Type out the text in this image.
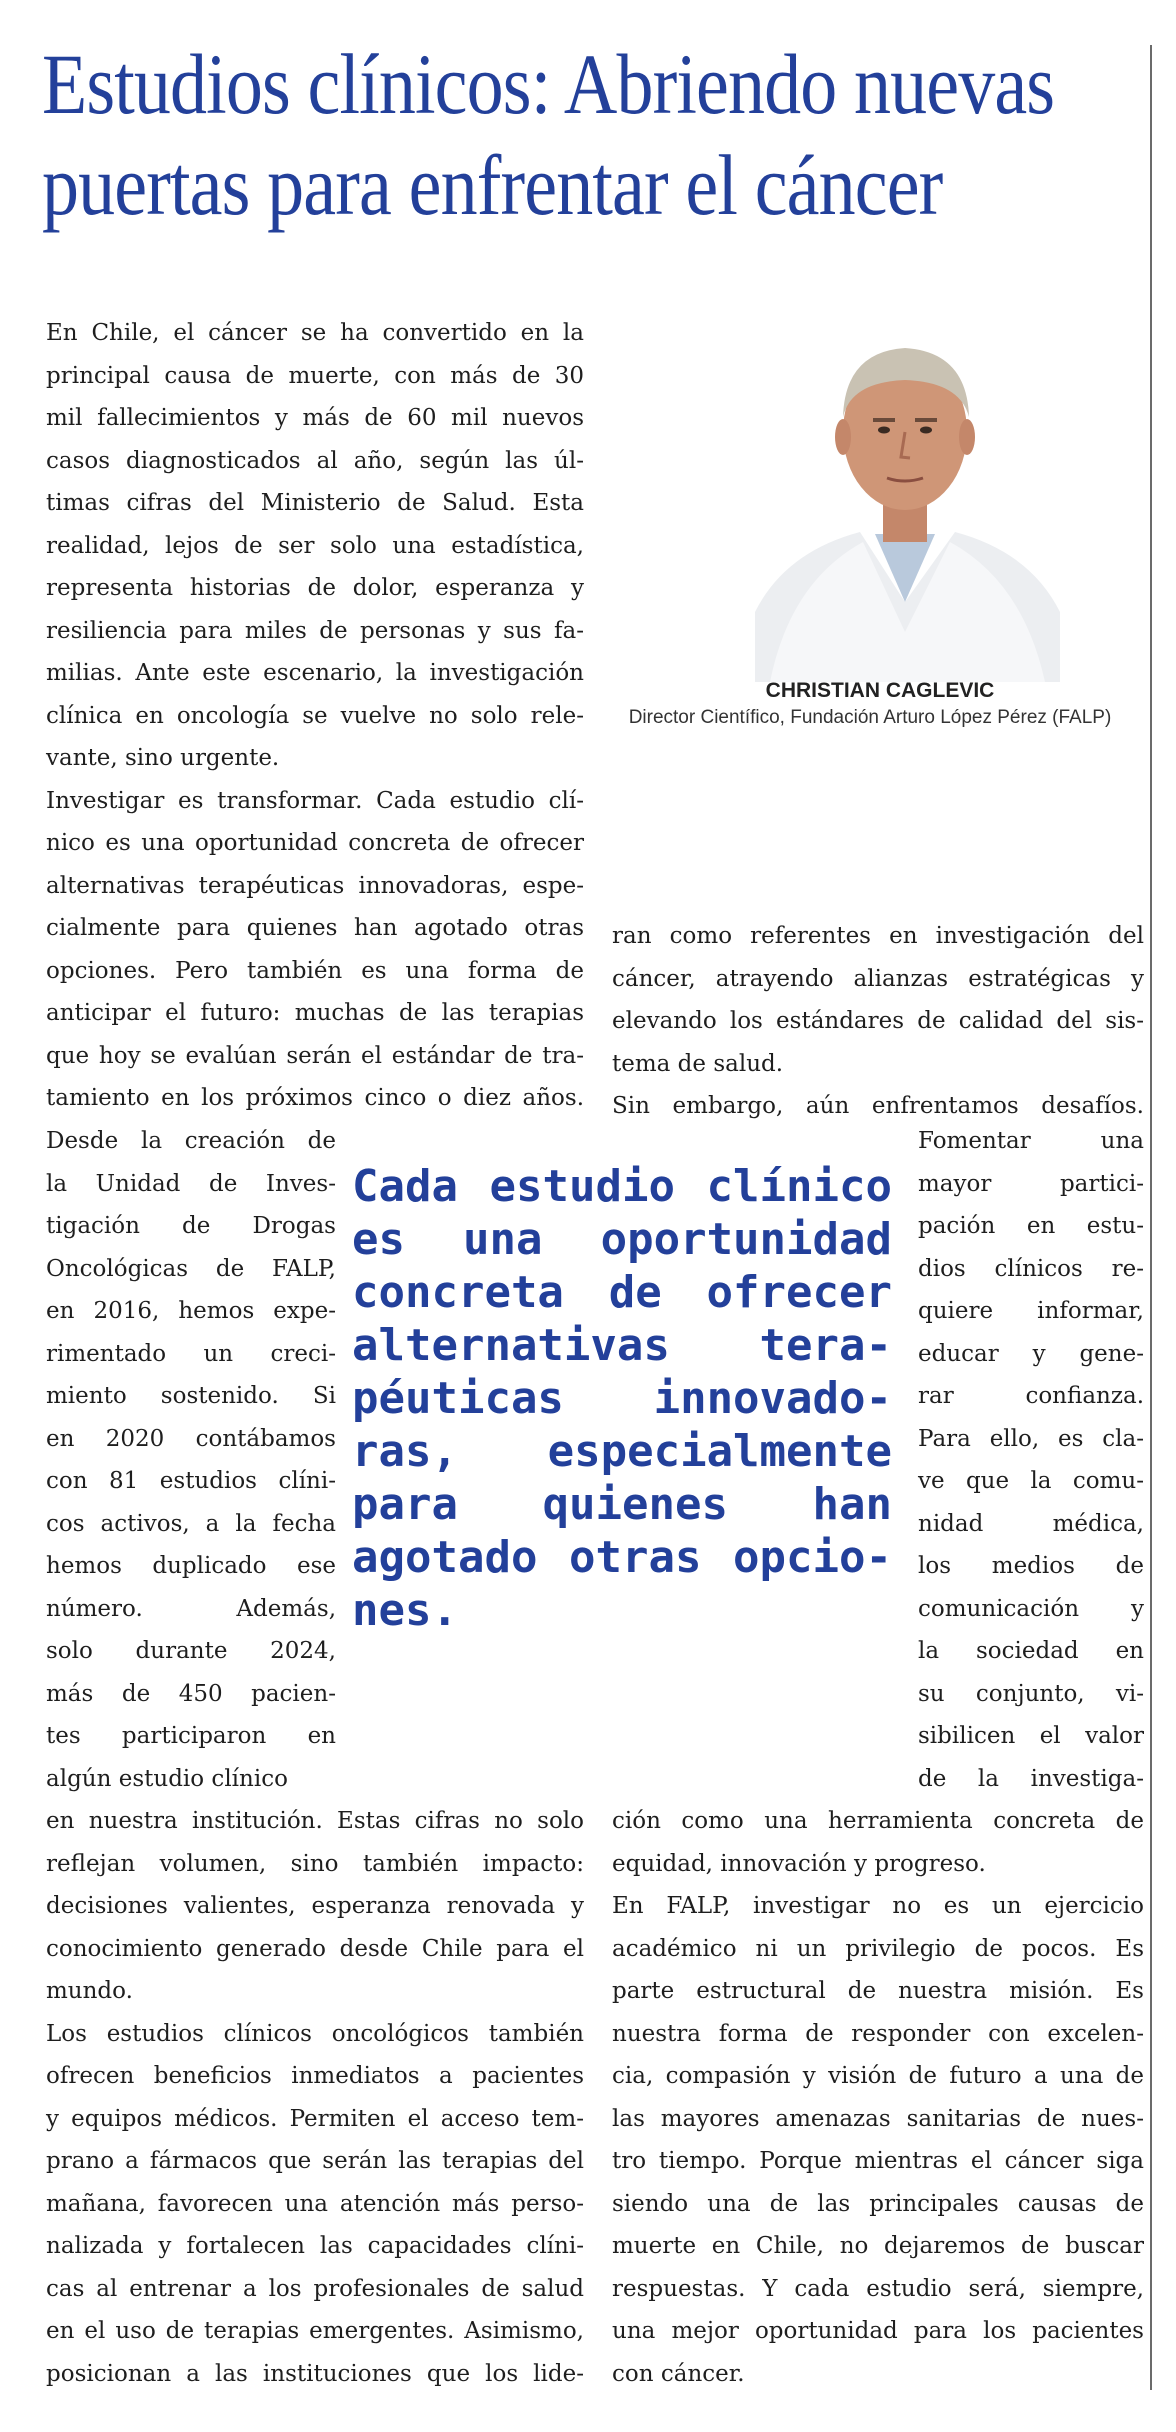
Estudios clínicos: Abriendo nuevas
puertas para enfrentar el cáncer
En Chile, el cáncer se ha convertido en la
principal causa de muerte, con más de 30
mil fallecimientos y más de 60 mil nuevos
casos diagnosticados al año, según las úl-
timas cifras del Ministerio de Salud. Esta
realidad, lejos de ser solo una estadística,
representa historias de dolor, esperanza y
resiliencia para miles de personas y sus fa-
milias. Ante este escenario, la investigación
clínica en oncología se vuelve no solo rele-
vante, sino urgente.
Investigar es transformar. Cada estudio clí-
nico es una oportunidad concreta de ofrecer
alternativas terapéuticas innovadoras, espe-
cialmente para quienes han agotado otras
opciones. Pero también es una forma de
anticipar el futuro: muchas de las terapias
que hoy se evalúan serán el estándar de tra-
tamiento en los próximos cinco o diez años.
Desde la creación de
la Unidad de Inves-
tigación de Drogas
Oncológicas de FALP,
en 2016, hemos expe-
rimentado un creci-
miento sostenido. Si
en 2020 contábamos
con 81 estudios clíni-
cos activos, a la fecha
hemos duplicado ese
número. Además,
solo durante 2024,
más de 450 pacien-
tes participaron en
algún estudio clínico
en nuestra institución. Estas cifras no solo
reflejan volumen, sino también impacto:
decisiones valientes, esperanza renovada y
conocimiento generado desde Chile para el
mundo.
Los estudios clínicos oncológicos también
ofrecen beneficios inmediatos a pacientes
y equipos médicos. Permiten el acceso tem-
prano a fármacos que serán las terapias del
mañana, favorecen una atención más perso-
nalizada y fortalecen las capacidades clíni-
cas al entrenar a los profesionales de salud
en el uso de terapias emergentes. Asimismo,
posicionan a las instituciones que los lide-
CHRISTIAN CAGLEVIC
Director Científico, Fundación Arturo López Pérez (FALP)
ran como referentes en investigación del
cáncer, atrayendo alianzas estratégicas y
elevando los estándares de calidad del sis-
tema de salud.
Sin embargo, aún enfrentamos desafíos.
Cada estudio clínico
es una oportunidad
concreta de ofrecer
alternativas tera-
péuticas innovado-
ras, especialmente
para quienes han
agotado otras opcio-
nes.
Fomentar una
mayor partici-
pación en estu-
dios clínicos re-
quiere informar,
educar y gene-
rar confianza.
Para ello, es cla-
ve que la comu-
nidad médica,
los medios de
comunicación y
la sociedad en
su conjunto, vi-
sibilicen el valor
de la investiga-
ción como una herramienta concreta de
equidad, innovación y progreso.
En FALP, investigar no es un ejercicio
académico ni un privilegio de pocos. Es
parte estructural de nuestra misión. Es
nuestra forma de responder con excelen-
cia, compasión y visión de futuro a una de
las mayores amenazas sanitarias de nues-
tro tiempo. Porque mientras el cáncer siga
siendo una de las principales causas de
muerte en Chile, no dejaremos de buscar
respuestas. Y cada estudio será, siempre,
una mejor oportunidad para los pacientes
con cáncer.
